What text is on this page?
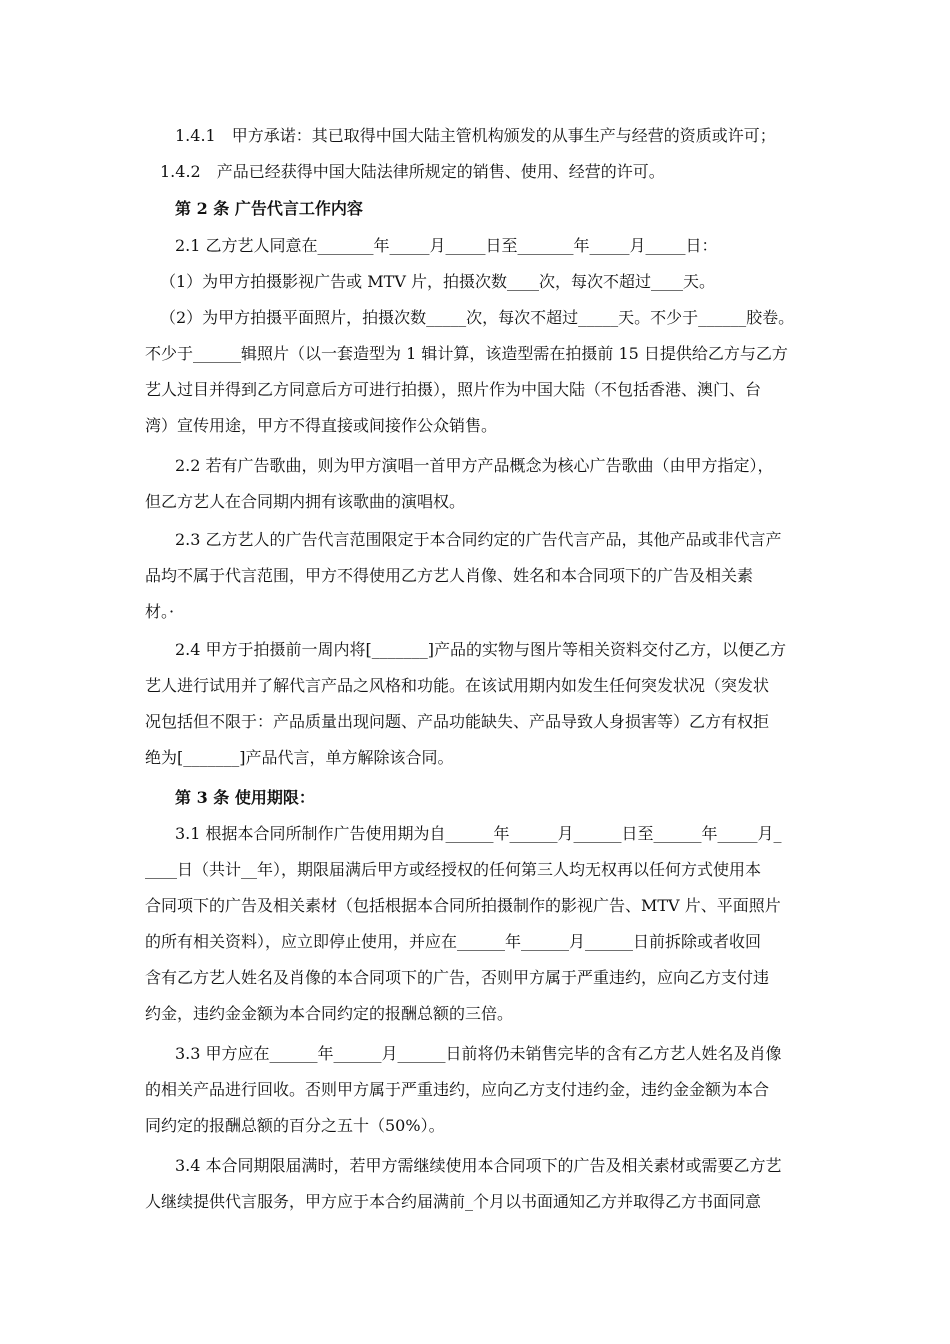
1.4.1　甲方承诺：其已取得中国大陆主管机构颁发的从事生产与经营的资质或许可；
1.4.2　产品已经获得中国大陆法律所规定的销售、使用、经营的许可。
第 2 条 广告代言工作内容
2.1 乙方艺人同意在_______年_____月_____日至_______年_____月_____日：
（1）为甲方拍摄影视广告或 MTV 片，拍摄次数____次，每次不超过____天。
（2）为甲方拍摄平面照片，拍摄次数_____次，每次不超过_____天。不少于______胶卷。
不少于______辑照片（以一套造型为 1 辑计算，该造型需在拍摄前 15 日提供给乙方与乙方
艺人过目并得到乙方同意后方可进行拍摄），照片作为中国大陆（不包括香港、澳门、台
湾）宣传用途，甲方不得直接或间接作公众销售。
2.2 若有广告歌曲，则为甲方演唱一首甲方产品概念为核心广告歌曲（由甲方指定），
但乙方艺人在合同期内拥有该歌曲的演唱权。
2.3 乙方艺人的广告代言范围限定于本合同约定的广告代言产品，其他产品或非代言产
品均不属于代言范围，甲方不得使用乙方艺人肖像、姓名和本合同项下的广告及相关素
材。·
2.4 甲方于拍摄前一周内将[_______]产品的实物与图片等相关资料交付乙方，以便乙方
艺人进行试用并了解代言产品之风格和功能。在该试用期内如发生任何突发状况（突发状
况包括但不限于：产品质量出现问题、产品功能缺失、产品导致人身损害等）乙方有权拒
绝为[_______]产品代言，单方解除该合同。
第 3 条 使用期限：
3.1 根据本合同所制作广告使用期为自______年______月______日至______年_____月_
____日（共计__年），期限届满后甲方或经授权的任何第三人均无权再以任何方式使用本
合同项下的广告及相关素材（包括根据本合同所拍摄制作的影视广告、MTV 片、平面照片
的所有相关资料），应立即停止使用，并应在______年______月______日前拆除或者收回
含有乙方艺人姓名及肖像的本合同项下的广告，否则甲方属于严重违约，应向乙方支付违
约金，违约金金额为本合同约定的报酬总额的三倍。
3.3 甲方应在______年______月______日前将仍未销售完毕的含有乙方艺人姓名及肖像
的相关产品进行回收。否则甲方属于严重违约，应向乙方支付违约金，违约金金额为本合
同约定的报酬总额的百分之五十（50%）。
3.4 本合同期限届满时，若甲方需继续使用本合同项下的广告及相关素材或需要乙方艺
人继续提供代言服务，甲方应于本合约届满前_个月以书面通知乙方并取得乙方书面同意
